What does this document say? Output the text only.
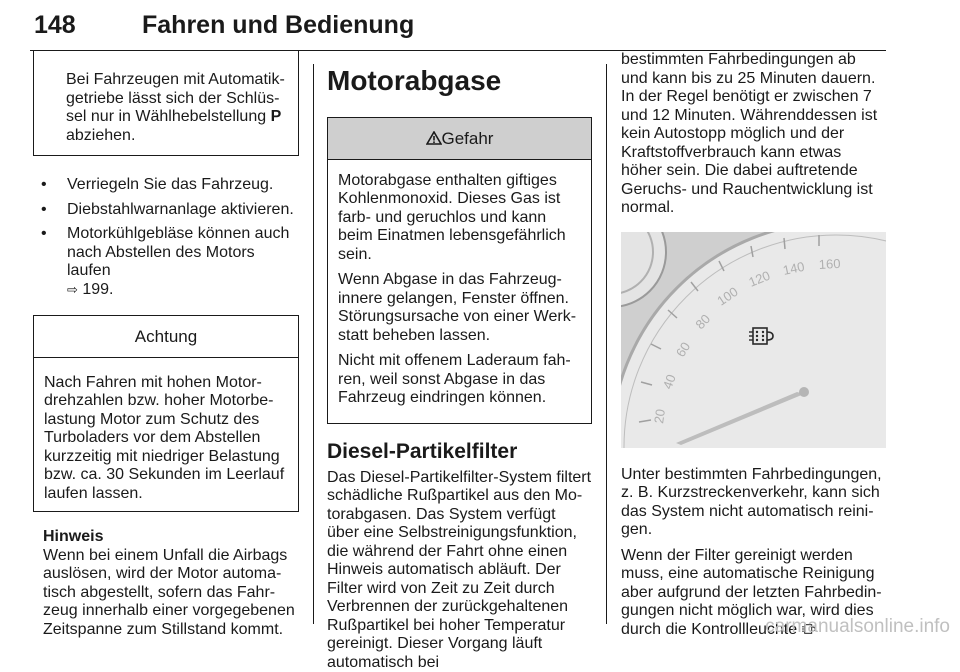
148	Fahren und Bedienung
Bei Fahrzeugen mit Automatikgetriebe lässt sich der Schlüssel nur in Wählhebelstellung P abziehen.
• Verriegeln Sie das Fahrzeug.
• Diebstahlwarnanlage aktivieren.
• Motorkühlgebläse können auch nach Abstellen des Motors laufen
⇨ 199.
Achtung
Nach Fahren mit hohen Motordrehzahlen bzw. hoher Motorbelastung Motor zum Schutz des Turboladers vor dem Abstellen kurzzeitig mit niedriger Belastung bzw. ca. 30 Sekunden im Leerlauf laufen lassen.
Hinweis
Wenn bei einem Unfall die Airbags auslösen, wird der Motor automatisch abgestellt, sofern das Fahrzeug innerhalb einer vorgegebenen Zeitspanne zum Stillstand kommt.
Motorabgase
Gefahr

Motorabgase enthalten giftiges Kohlenmonoxid. Dieses Gas ist farb- und geruchlos und kann beim Einatmen lebensgefährlich sein.

Wenn Abgase in das Fahrzeuginnere gelangen, Fenster öffnen. Störungsursache von einer Werkstatt beheben lassen.

Nicht mit offenem Laderaum fahren, weil sonst Abgase in das Fahrzeug eindringen können.

Diesel-Partikelfilter
Das Diesel-Partikelfilter-System filtert schädliche Rußpartikel aus den Motorabgasen. Das System verfügt über eine Selbstreinigungsfunktion, die während der Fahrt ohne einen Hinweis automatisch abläuft. Der Filter wird von Zeit zu Zeit durch Verbrennen der zurückgehaltenen Rußpartikel bei hoher Temperatur gereinigt. Dieser Vorgang läuft automatisch bei
bestimmten Fahrbedingungen ab und kann bis zu 25 Minuten dauern. In der Regel benötigt er zwischen 7 und 12 Minuten. Währenddessen ist kein Autostopp möglich und der Kraftstoffverbrauch kann etwas höher sein. Die dabei auftretende Geruchs- und Rauchentwicklung ist normal.
20
40
60
80
100
120 140 160

Unter bestimmten Fahrbedingungen, z. B. Kurzstreckenverkehr, kann sich das System nicht automatisch reinigen.

Wenn der Filter gereinigt werden muss, eine automatische Reinigung aber aufgrund der letzten Fahrbedingungen nicht möglich war, wird dies durch die Kontrollleuchte

carmanualsonline.info
